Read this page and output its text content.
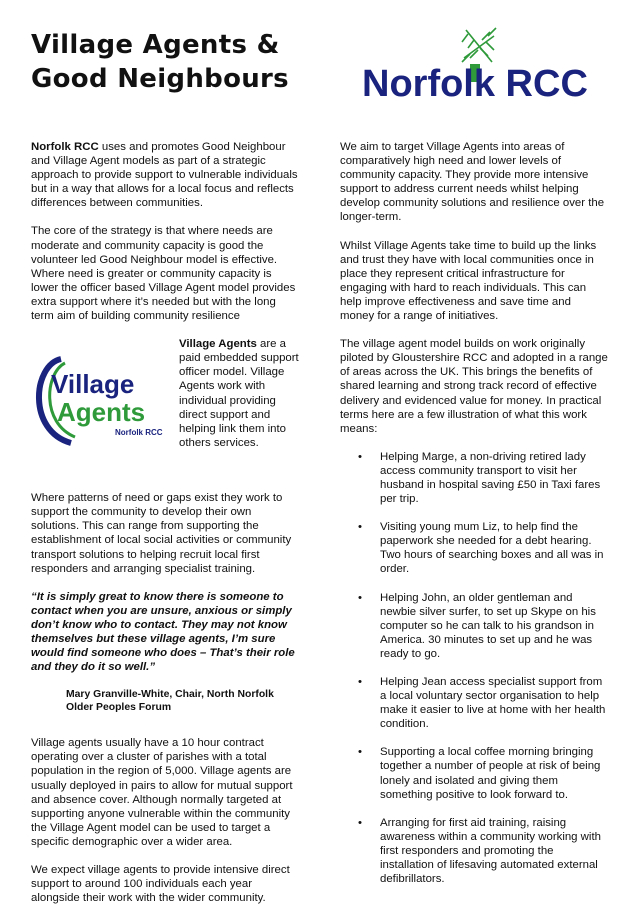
Village Agents &
Good Neighbours	Norfolk RCC

Norfolk RCC uses and promotes Good Neighbour and Village Agent models as part of a strategic approach to provide support to vulnerable individuals but in a way that allows for a local focus and reflects differences between communities.

The core of the strategy is that where needs are moderate and community capacity is good the volunteer led Good Neighbour model is effective. Where need is greater or community capacity is lower the officer based Village Agent model provides extra support where it’s needed but with the long term aim of building community resilience

Village
Agents
Norfolk RCC
Village Agents are a paid embedded support officer model. Village Agents work with individual providing direct support and helping link them into others services.

Where patterns of need or gaps exist they work to support the community to develop their own solutions. This can range from supporting the establishment of local social activities or community transport solutions to helping recruit local first responders and arranging specialist training.

“It is simply great to know there is someone to contact when you are unsure, anxious or simply don’t know who to contact. They may not know themselves but these village agents, I’m sure would find someone who does – That’s their role and they do it so well.”

Mary Granville-White, Chair, North Norfolk Older Peoples Forum

Village agents usually have a 10 hour contract operating over a cluster of parishes with a total population in the region of 5,000. Village agents are usually deployed in pairs to allow for mutual support and absence cover. Although normally targeted at supporting anyone vulnerable within the community the Village Agent model can be used to target a specific demographic over a wider area.

We expect village agents to provide intensive direct support to around 100 individuals each year alongside their work with the wider community.

We aim to target Village Agents into areas of comparatively high need and lower levels of community capacity. They provide more intensive support to address current needs whilst helping develop community solutions and resilience over the longer-term.

Whilst Village Agents take time to build up the links and trust they have with local communities once in place they represent critical infrastructure for engaging with hard to reach individuals. This can help improve effectiveness and save time and money for a range of initiatives.

The village agent model builds on work originally piloted by Gloustershire RCC and adopted in a range of areas across the UK. This brings the benefits of shared learning and strong track record of effective delivery and evidenced value for money. In practical terms here are a few illustration of what this work means:

• Helping Marge, a non-driving retired lady access community transport to visit her husband in hospital saving £50 in Taxi fares per trip.
• Visiting young mum Liz, to help find the paperwork she needed for a debt hearing. Two hours of searching boxes and all was in order.
• Helping John, an older gentleman and newbie silver surfer, to set up Skype on his computer so he can talk to his grandson in America. 30 minutes to set up and he was ready to go.
• Helping Jean access specialist support from a local voluntary sector organisation to help make it easier to live at home with her health condition.
• Supporting a local coffee morning bringing together a number of people at risk of being lonely and isolated and giving them something positive to look forward to.
• Arranging for first aid training, raising awareness within a community working with first responders and promoting the installation of lifesaving automated external defibrillators.
